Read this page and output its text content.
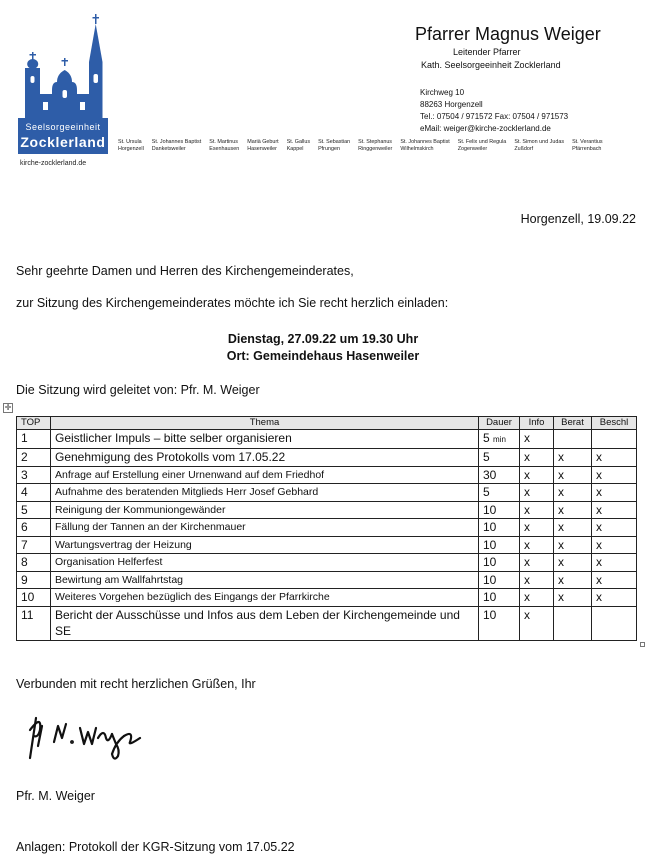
Seelsorgeeinheit
Zocklerland
kirche-zocklerland.de
St. Ursula
Horgenzell
St. Johannes Baptist
Danketsweiler
St. Martinus
Esenhausen
Mariä Geburt
Hasenweiler
St. Gallus
Kappel
St. Sebastian
Pfrungen
St. Stephanus
Ringgenweiler
St. Johannes Baptist
Wilhelmskirch
St. Felix und Regula
Zogenweiler
St. Simon und Judas
Zußdorf
St. Verantius
Pfärrenbach
Pfarrer Magnus Weiger
Leitender Pfarrer
Kath. Seelsorgeeinheit Zocklerland
Kirchweg 10
88263 Horgenzell
Tel.: 07504 / 971572 Fax: 07504 / 971573
eMail: weiger@kirche-zocklerland.de
Horgenzell, 19.09.22
Sehr geehrte Damen und Herren des Kirchengemeinderates,
zur Sitzung des Kirchengemeinderates möchte ich Sie recht herzlich einladen:
Dienstag, 27.09.22 um 19.30 Uhr
Ort: Gemeindehaus Hasenweiler
Die Sitzung wird geleitet von: Pfr. M. Weiger
✛
TOP	Thema	Dauer	Info	Berat	Beschl
1	Geistlicher Impuls – bitte selber organisieren	5 min	x		
2	Genehmigung des Protokolls vom 17.05.22	5	x	x	x
3	Anfrage auf Erstellung einer Urnenwand auf dem Friedhof	30	x	x	x
4	Aufnahme des beratenden Mitglieds Herr Josef Gebhard	5	x	x	x
5	Reinigung der Kommuniongewänder	10	x	x	x
6	Fällung der Tannen an der Kirchenmauer	10	x	x	x
7	Wartungsvertrag der Heizung	10	x	x	x
8	Organisation Helferfest	10	x	x	x
9	Bewirtung am Wallfahrtstag	10	x	x	x
10	Weiteres Vorgehen bezüglich des Eingangs der Pfarrkirche	10	x	x	x
11	Bericht der Ausschüsse und Infos aus dem Leben der Kirchengemeinde und SE	10	x		
Verbunden mit recht herzlichen Grüßen, Ihr
Pfr. M. Weiger
Anlagen: Protokoll der KGR-Sitzung vom 17.05.22
